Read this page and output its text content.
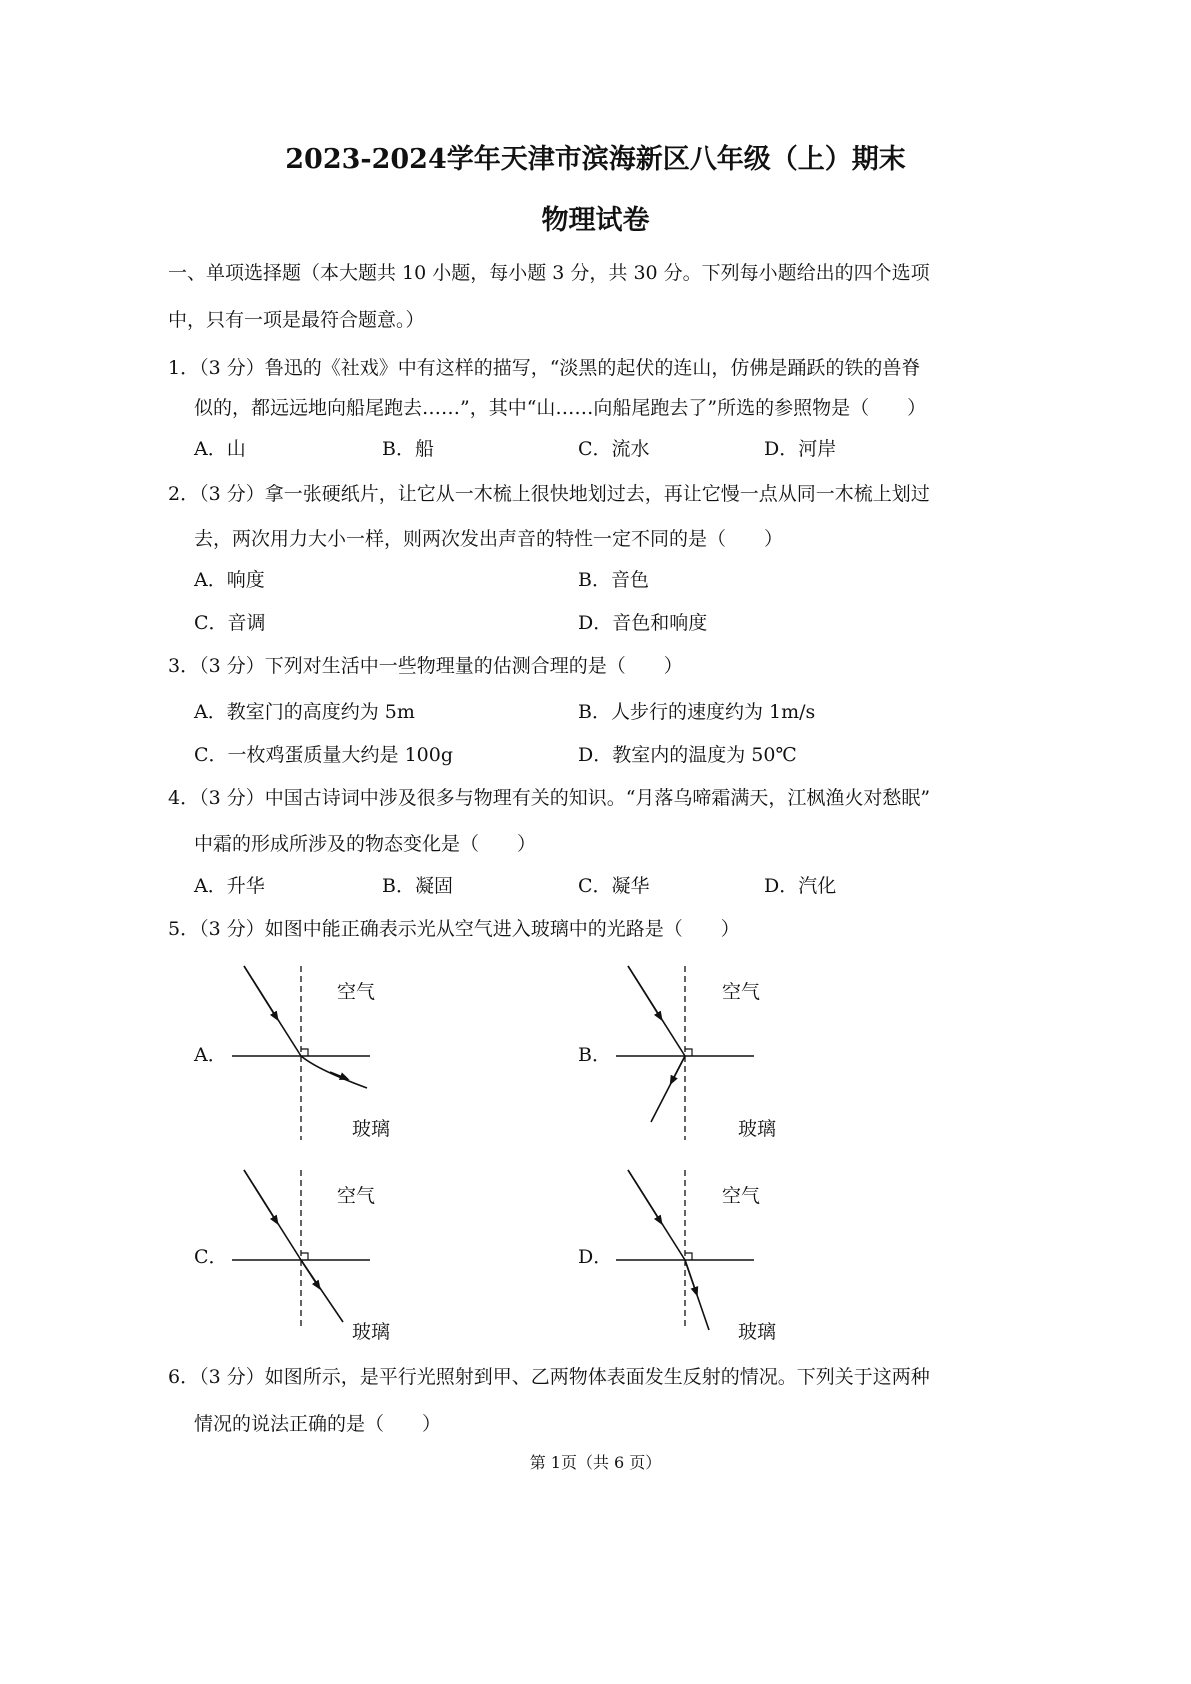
2023-2024学年天津市滨海新区八年级（上）期末
物理试卷
一、单项选择题（本大题共 10 小题，每小题 3 分，共 30 分。下列每小题给出的四个选项
中，只有一项是最符合题意。）
1．（3 分）鲁迅的《社戏》中有这样的描写，“淡黑的起伏的连山，仿佛是踊跃的铁的兽脊
似的，都远远地向船尾跑去……”，其中“山……向船尾跑去了”所选的参照物是（　　）
A．山	B．船	C．流水	D．河岸
2．（3 分）拿一张硬纸片，让它从一木梳上很快地划过去，再让它慢一点从同一木梳上划过
去，两次用力大小一样，则两次发出声音的特性一定不同的是（　　）
A．响度	B．音色
C．音调	D．音色和响度
3．（3 分）下列对生活中一些物理量的估测合理的是（　　）
A．教室门的高度约为 5m	B．人步行的速度约为 1m/s
C．一枚鸡蛋质量大约是 100g	D．教室内的温度为 50℃
4．（3 分）中国古诗词中涉及很多与物理有关的知识。“月落乌啼霜满天，江枫渔火对愁眠”
中霜的形成所涉及的物态变化是（　　）
A．升华	B．凝固	C．凝华	D．汽化
5．（3 分）如图中能正确表示光从空气进入玻璃中的光路是（　　）
A．	B．
C．	D．
空气
玻璃
空气
玻璃
空气
玻璃
空气
玻璃
6．（3 分）如图所示，是平行光照射到甲、乙两物体表面发生反射的情况。下列关于这两种
情况的说法正确的是（　　）
第 1页（共 6 页）
